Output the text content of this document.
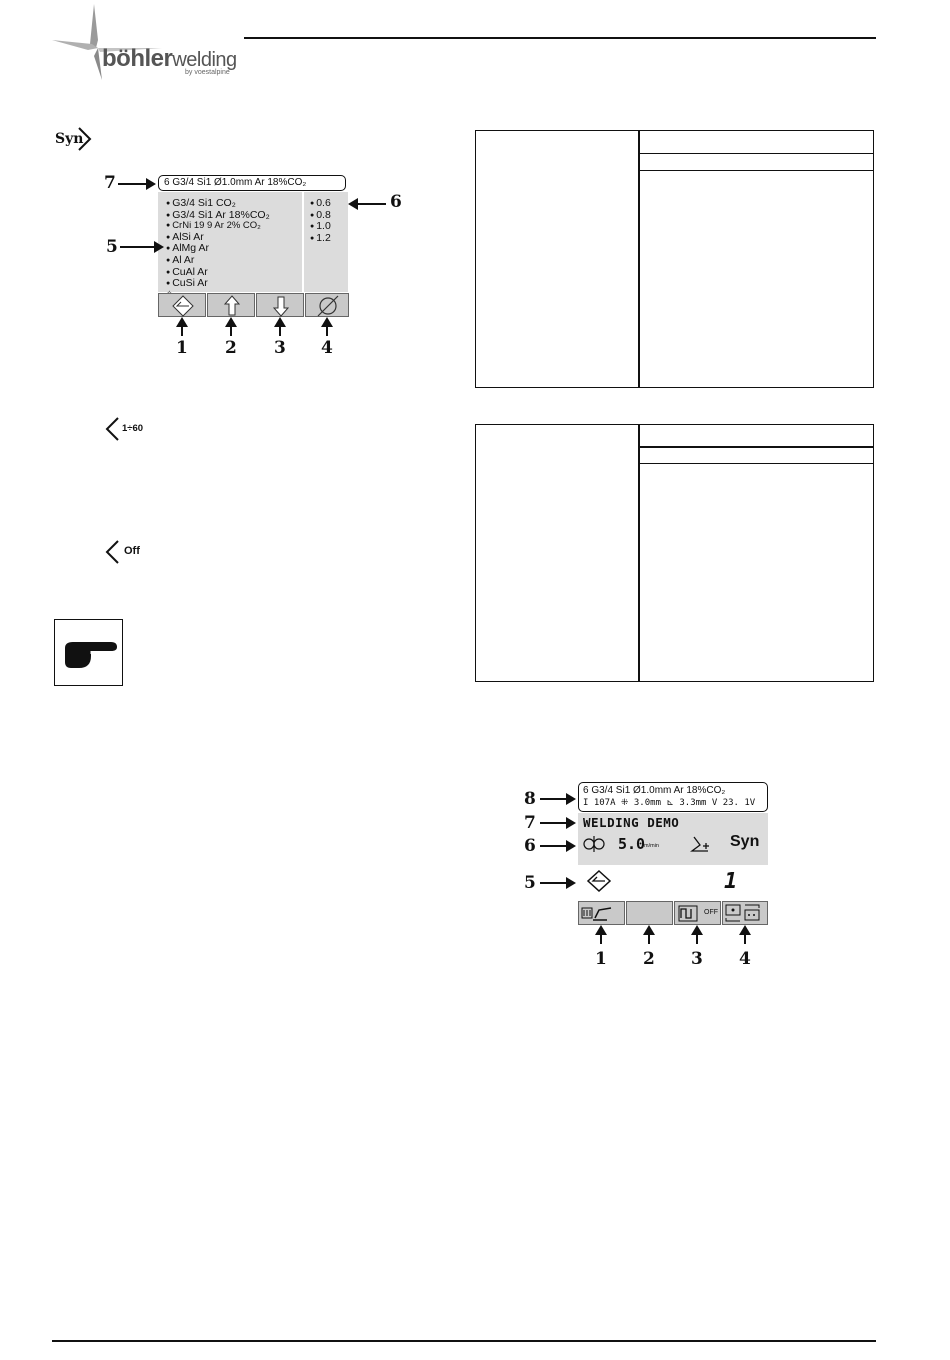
böhlerwelding
by voestalpine
Syn
1÷60
Off
7	6 G3/4 Si1 Ø1.0mm Ar 18%CO₂
● G3/4 Si1 CO₂
● G3/4 Si1 Ar 18%CO₂
● CrNi 19 9 Ar 2% CO₂
● AlSi Ar
● AlMg Ar
● Al Ar
● CuAl Ar
● CuSi Ar
● 0.6
● 0.8
● 1.0
● 1.2
5
6
1 2 3 4
6 G3/4 Si1 Ø1.0mm Ar 18%CO₂
I 107A ⁜ 3.0mm ⊾ 3.3mm V 23. 1V
WELDING DEMO
5.0
m/min	Syn
1
OFF
8
7
6
5
1 2 3 4
